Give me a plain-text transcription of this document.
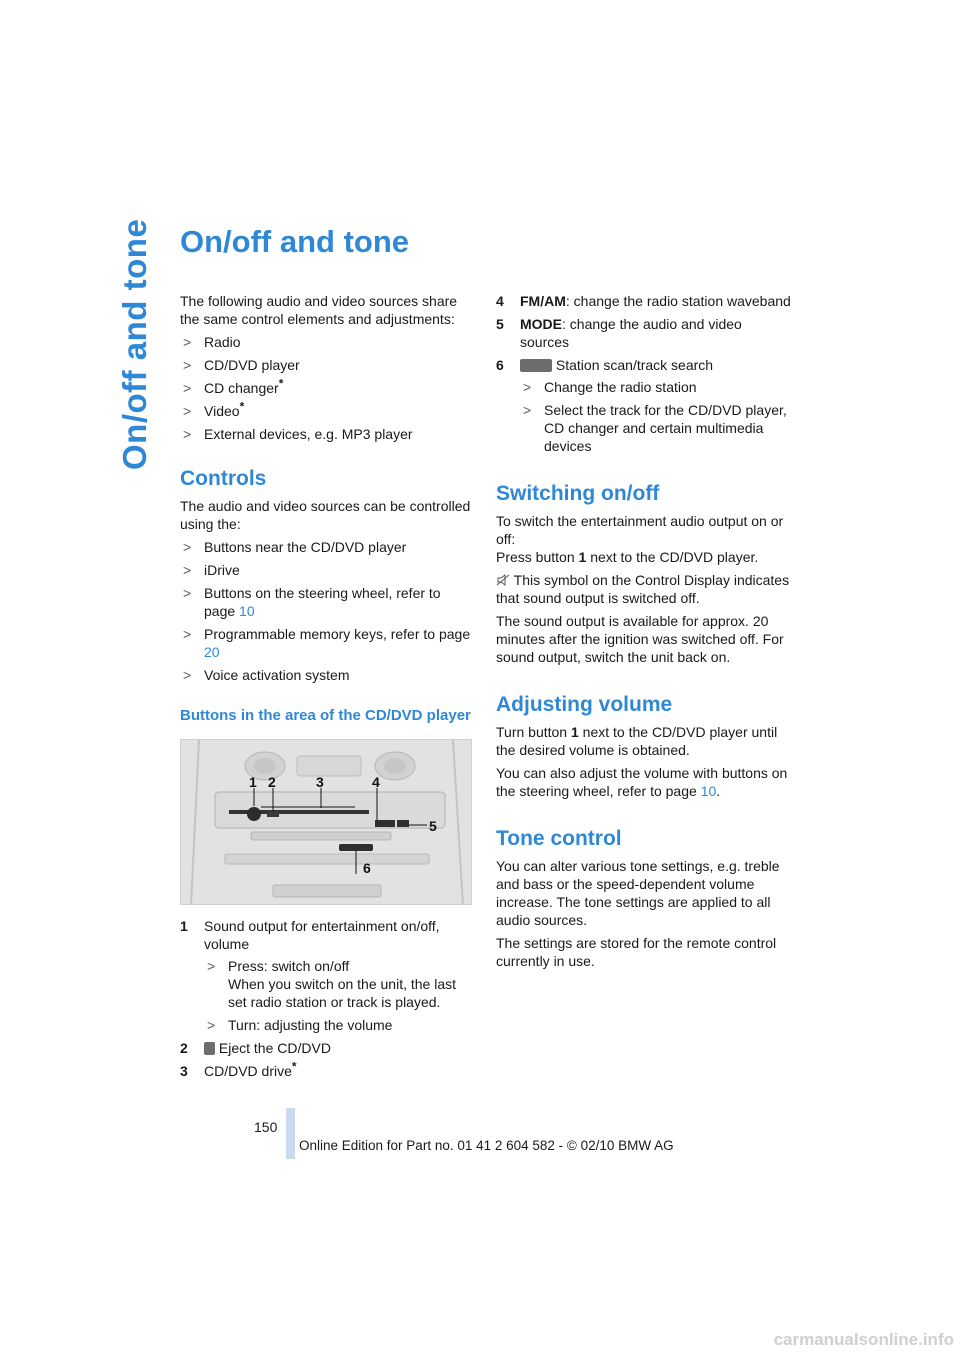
On/off and tone On/off and tone

The following audio and video sources share the same control elements and adjustments:

> Radio
> CD/DVD player
> CD changer*
> Video*
> External devices, e.g. MP3 player
Controls

The audio and video sources can be controlled using the:

> Buttons near the CD/DVD player
> iDrive
> Buttons on the steering wheel, refer to page 10
> Programmable memory keys, refer to page 20
> Voice activation system
Buttons in the area of the CD/DVD player
1 2	3	4
5
6
1 Sound output for entertainment on/off, volume
> Press: switch on/off
When you switch on the unit, the last set radio station or track is played.
> Turn: adjusting the volume
2 Eject the CD/DVD
3 CD/DVD drive*
4 FM/AM: change the radio station waveband
5 MODE: change the audio and video sources
6	Station scan/track search
> Change the radio station
> Select the track for the CD/DVD player, CD changer and certain multimedia devices
Switching on/off

To switch the entertainment audio output on or off:

Press button 1 next to the CD/DVD player.

This symbol on the Control Display indicates that sound output is switched off.

The sound output is available for approx. 20 minutes after the ignition was switched off. For sound output, switch the unit back on.

Adjusting volume

Turn button 1 next to the CD/DVD player until the desired volume is obtained.

You can also adjust the volume with buttons on the steering wheel, refer to page 10.

Tone control

You can alter various tone settings, e.g. treble and bass or the speed-dependent volume increase. The tone settings are applied to all audio sources.

The settings are stored for the remote control currently in use.

150
Online Edition for Part no. 01 41 2 604 582 - © 02/10 BMW AG
carmanualsonline.info
